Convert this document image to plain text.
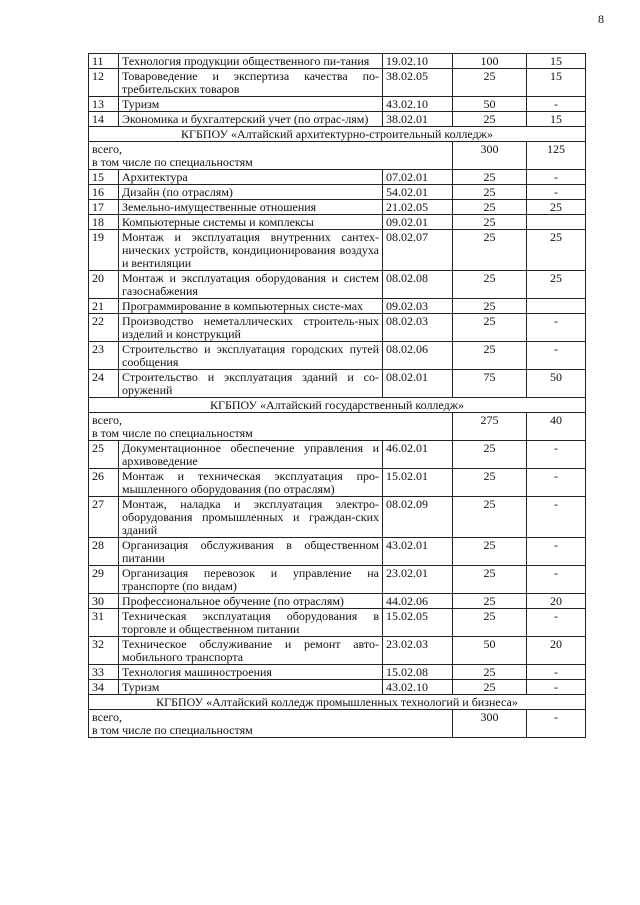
8
11	Технология продукции общественного пи-тания	19.02.10	100	15
12	Товароведение и экспертиза качества по-требительских товаров	38.02.05	25	15
13	Туризм	43.02.10	50	-
14	Экономика и бухгалтерский учет (по отрас-лям)	38.02.01	25	15
КГБПОУ «Алтайский архитектурно-строительный колледж»				

всего,
в том числе по специальностям			300	125
15	Архитектура	07.02.01	25	-
16	Дизайн (по отраслям)	54.02.01	25	-
17	Земельно-имущественные отношения	21.02.05	25	25
18	Компьютерные системы и комплексы	09.02.01	25	
19	Монтаж и эксплуатация внутренних сантех-нических устройств, кондиционирования воздуха и вентиляции	08.02.07	25	25
20	Монтаж и эксплуатация оборудования и систем газоснабжения	08.02.08	25	25
21	Программирование в компьютерных систе-мах	09.02.03	25	
22	Производство неметаллических строитель-ных изделий и конструкций	08.02.03	25	-
23	Строительство и эксплуатация городских путей сообщения	08.02.06	25	-
24	Строительство и эксплуатация зданий и со-оружений	08.02.01	75	50
КГБПОУ «Алтайский государственный колледж»				

всего,
в том числе по специальностям			275	40
25	Документационное обеспечение управления и архивоведение	46.02.01	25	-
26	Монтаж и техническая эксплуатация про-мышленного оборудования (по отраслям)	15.02.01	25	-
27	Монтаж, наладка и эксплуатация электро-оборудования промышленных и граждан-ских зданий	08.02.09	25	-
28	Организация обслуживания в общественном питании	43.02.01	25	-
29	Организация перевозок и управление на транспорте (по видам)	23.02.01	25	-
30	Профессиональное обучение (по отраслям)	44.02.06	25	20
31	Техническая эксплуатация оборудования в торговле и общественном питании	15.02.05	25	-
32	Техническое обслуживание и ремонт авто-мобильного транспорта	23.02.03	50	20
33	Технология машиностроения	15.02.08	25	-
34	Туризм	43.02.10	25	-
КГБПОУ «Алтайский колледж промышленных технологий и бизнеса»				

всего,
в том числе по специальностям			300	-
